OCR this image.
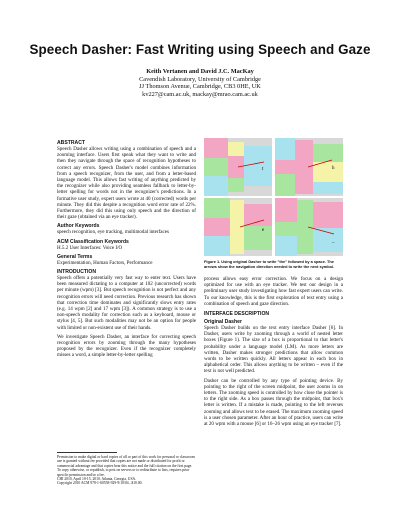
Speech Dasher: Fast Writing using Speech and Gaze
Keith Vertanen and David J.C. MacKay
Cavendish Laboratory, University of Cambridge
JJ Thomson Avenue, Cambridge, CB3 0HE, UK
kv227@cam.ac.uk, mackay@mrao.cam.ac.uk
ABSTRACT

Speech Dasher allows writing using a combination of speech and a zooming interface. Users first speak what they want to write and then they navigate through the space of recognition hypotheses to correct any errors. Speech Dasher's model combines information from a speech recognizer, from the user, and from a letter-based language model. This allows fast writing of anything predicted by the recognizer while also providing seamless fallback to letter-by-letter spelling for words not in the recognizer's predictions. In a formative user study, expert users wrote at 40 (corrected) words per minute. They did this despite a recognition word error rate of 22%. Furthermore, they did this using only speech and the direction of their gaze (obtained via an eye tracker).

Author Keywords

speech recognition, eye tracking, multimodal interfaces

ACM Classification Keywords

H.5.2 User Interfaces: Voice I/O

General Terms

Experimentation, Human Factors, Performance

INTRODUCTION

Speech offers a potentially very fast way to enter text. Users have been measured dictating to a computer at 102 (uncorrected) words per minute (wpm) [3]. But speech recognition is not perfect and any recognition errors will need correction. Previous research has shown that correction time dominates and significantly slows entry rates (e.g. 14 wpm [2] and 17 wpm [3]). A common strategy is to use a non-speech modality for correction such as a keyboard, mouse or stylus [4, 5]. But such modalities may not be an option for people with limited or non-existent use of their hands.

We investigate Speech Dasher, an interface for correcting speech recognition errors by zooming through the many hypotheses proposed by the recognizer. Even if the recognizer completely misses a word, a simple letter-by-letter spelling

Permission to make digital or hard copies of all or part of this work for personal or classroom use is granted without fee provided that copies are not made or distributed for profit or commercial advantage and that copies bear this notice and the full citation on the first page. To copy otherwise, or republish, to post on servers or to redistribute to lists, requires prior specific permission and/or a fee.

CHI 2010, April 10-15, 2010, Atlanta, Georgia, USA.

Copyright 2010 ACM 978-1-60558-929-9/10/04...$10.00.

t	h
e
_
Figure 1. Using original Dasher to write "the" followed by a space. The arrows show the navigation direction needed to write the next symbol.

process allows easy error correction. We focus on a design optimized for use with an eye tracker. We test our design in a preliminary user study investigating how fast expert users can write. To our knowledge, this is the first exploration of text entry using a combination of speech and gaze direction.

INTERFACE DESCRIPTION
Original Dasher

Speech Dasher builds on the text entry interface Dasher [6]. In Dasher, users write by zooming through a world of nested letter boxes (Figure 1). The size of a box is proportional to that letter's probability under a language model (LM). As more letters are written, Dasher makes stronger predictions that allow common words to be written quickly. All letters appear in each box in alphabetical order. This allows anything to be written – even if the text is not well predicted.

Dasher can be controlled by any type of pointing device. By pointing to the right of the screen midpoint, the user zooms in on letters. The zooming speed is controlled by how close the pointer is to the right side. As a box passes through the midpoint, that box's letter is written. If a mistake is made, pointing to the left reverses zooming and allows text to be erased. The maximum zooming speed is a user chosen parameter. After an hour of practice, users can write at 20 wpm with a mouse [6] or 16–26 wpm using an eye tracker [7].
